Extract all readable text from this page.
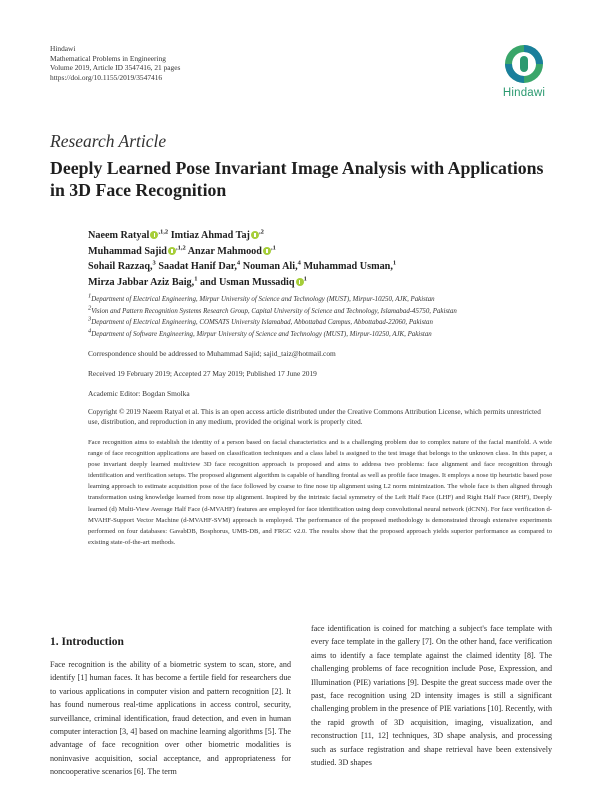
Hindawi
Mathematical Problems in Engineering
Volume 2019, Article ID 3547416, 21 pages
https://doi.org/10.1155/2019/3547416
Hindawi
Research Article
Deeply Learned Pose Invariant Image Analysis with Applications in 3D Face Recognition
Naeem Ratyal $^{,1,2}$ Imtiaz Ahmad Taj $^{,2}$
Muhammad Sajid $^{,1,2}$ Anzar Mahmood $^{,1}$
Sohail Razzaq,$^3$ Saadat Hanif Dar,$^4$ Nouman Ali,$^4$ Muhammad Usman,$^1$
Mirza Jabbar Aziz Baig,$^1$ and Usman Mussadiq $^1$
1Department of Electrical Engineering, Mirpur University of Science and Technology (MUST), Mirpur-10250, AJK, Pakistan
2Vision and Pattern Recognition Systems Research Group, Capital University of Science and Technology, Islamabad-45750, Pakistan
3Department of Electrical Engineering, COMSATS University Islamabad, Abbottabad Campus, Abbottabad-22060, Pakistan
4Department of Software Engineering, Mirpur University of Science and Technology (MUST), Mirpur-10250, AJK, Pakistan
Correspondence should be addressed to Muhammad Sajid; sajid_taiz@hotmail.com
Received 19 February 2019; Accepted 27 May 2019; Published 17 June 2019
Academic Editor: Bogdan Smolka
Copyright © 2019 Naeem Ratyal et al. This is an open access article distributed under the Creative Commons Attribution License, which permits unrestricted use, distribution, and reproduction in any medium, provided the original work is properly cited.
Face recognition aims to establish the identity of a person based on facial characteristics and is a challenging problem due to complex nature of the facial manifold. A wide range of face recognition applications are based on classification techniques and a class label is assigned to the test image that belongs to the unknown class. In this paper, a pose invariant deeply learned multiview 3D face recognition approach is proposed and aims to address two problems: face alignment and face recognition through identification and verification setups. The proposed alignment algorithm is capable of handling frontal as well as profile face images. It employs a nose tip heuristic based pose learning approach to estimate acquisition pose of the face followed by coarse to fine nose tip alignment using L2 norm minimization. The whole face is then aligned through transformation using knowledge learned from nose tip alignment. Inspired by the intrinsic facial symmetry of the Left Half Face (LHF) and Right Half Face (RHF), Deeply learned (d) Multi-View Average Half Face (d-MVAHF) features are employed for face identification using deep convolutional neural network (dCNN). For face verification d-MVAHF-Support Vector Machine (d-MVAHF-SVM) approach is employed. The performance of the proposed methodology is demonstrated through extensive experiments performed on four databases: GavabDB, Bosphorus, UMB-DB, and FRGC v2.0. The results show that the proposed approach yields superior performance as compared to existing state-of-the-art methods.
1. Introduction
Face recognition is the ability of a biometric system to scan, store, and identify [1] human faces. It has become a fertile field for researchers due to various applications in computer vision and pattern recognition [2]. It has found numerous real-time applications in access control, security, surveillance, criminal identification, fraud detection, and even in human computer interaction [3, 4] based on machine learning algorithms [5]. The advantage of face recognition over other biometric modalities is noninvasive acquisition, social acceptance, and appropriateness for noncooperative scenarios [6]. The term
face identification is coined for matching a subject's face template with every face template in the gallery [7]. On the other hand, face verification aims to identify a face template against the claimed identity [8]. The challenging problems of face recognition include Pose, Expression, and Illumination (PIE) variations [9]. Despite the great success made over the past, face recognition using 2D intensity images is still a significant challenging problem in the presence of PIE variations [10]. Recently, with the rapid growth of 3D acquisition, imaging, visualization, and reconstruction [11, 12] techniques, 3D shape analysis, and processing such as surface registration and shape retrieval have been extensively studied. 3D shapes
